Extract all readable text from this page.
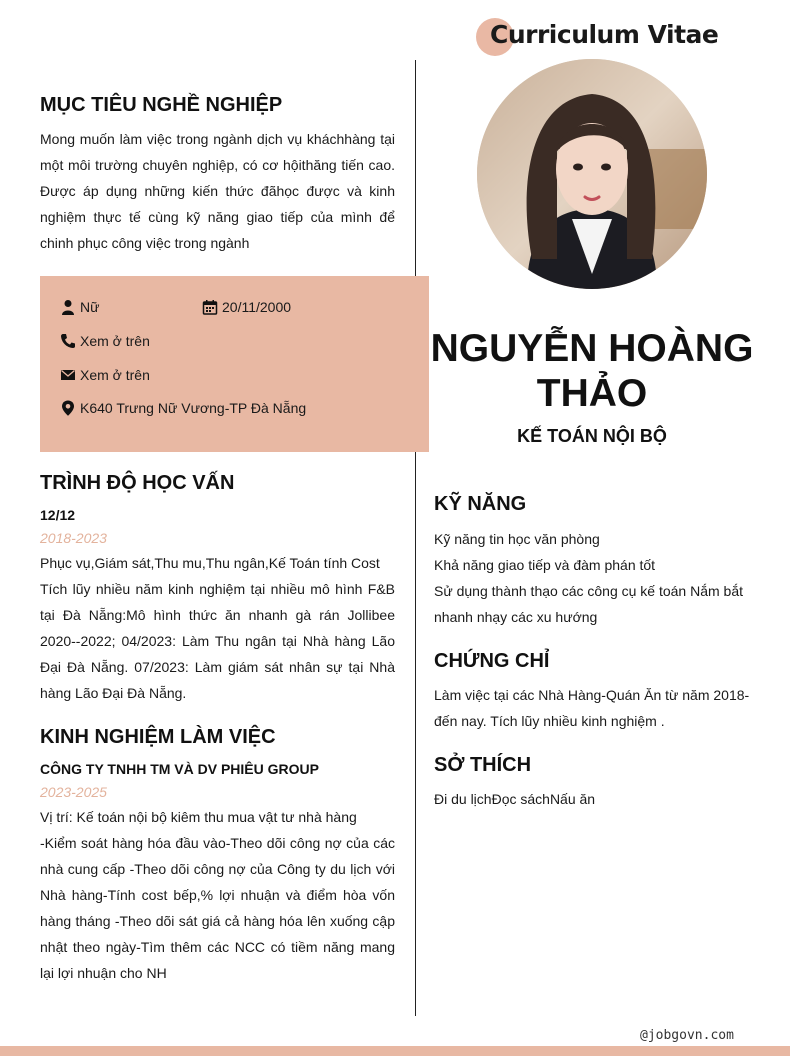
Curriculum Vitae
MỤC TIÊU NGHỀ NGHIỆP
Mong muốn làm việc trong ngành dịch vụ kháchhàng tại một môi trường chuyên nghiệp, có cơ hộithăng tiến cao. Được áp dụng những kiến thức đãhọc được và kinh nghiệm thực tế cùng kỹ năng giao tiếp của mình để chinh phục công việc trong ngành
Nữ	20/11/2000
Xem ở trên
Xem ở trên
K640 Trưng Nữ Vương-TP Đà Nẵng
NGUYỄN HOÀNG THẢO
KẾ TOÁN NỘI BỘ
TRÌNH ĐỘ HỌC VẤN
12/12
2018-2023
Phục vụ,Giám sát,Thu mu,Thu ngân,Kế Toán tính Cost
Tích lũy nhiều năm kinh nghiệm tại nhiều mô hình F&B tại Đà Nẵng:Mô hình thức ăn nhanh gà rán Jollibee 2020--2022; 04/2023: Làm Thu ngân tại Nhà hàng Lão Đại Đà Nẵng. 07/2023: Làm giám sát nhân sự tại Nhà hàng Lão Đại Đà Nẵng.
KINH NGHIỆM LÀM VIỆC
CÔNG TY TNHH TM VÀ DV PHIÊU GROUP
2023-2025
Vị trí: Kế toán nội bộ kiêm thu mua vật tư nhà hàng
-Kiểm soát hàng hóa đầu vào-Theo dõi công nợ của các nhà cung cấp -Theo dõi công nợ của Công ty du lịch với Nhà hàng-Tính cost bếp,% lợi nhuận và điểm hòa vốn hàng tháng -Theo dõi sát giá cả hàng hóa lên xuống cập nhật theo ngày-Tìm thêm các NCC có tiềm năng mang lại lợi nhuận cho NH
KỸ NĂNG
Kỹ năng tin học văn phòng
Khả năng giao tiếp và đàm phán tốt
Sử dụng thành thạo các công cụ kế toán Nắm bắt nhanh nhạy các xu hướng
CHỨNG CHỈ
Làm việc tại các Nhà Hàng-Quán Ăn từ năm 2018-đến nay. Tích lũy nhiều kinh nghiệm .
SỞ THÍCH
Đi du lịchĐọc sáchNấu ăn
@jobgovn.com
